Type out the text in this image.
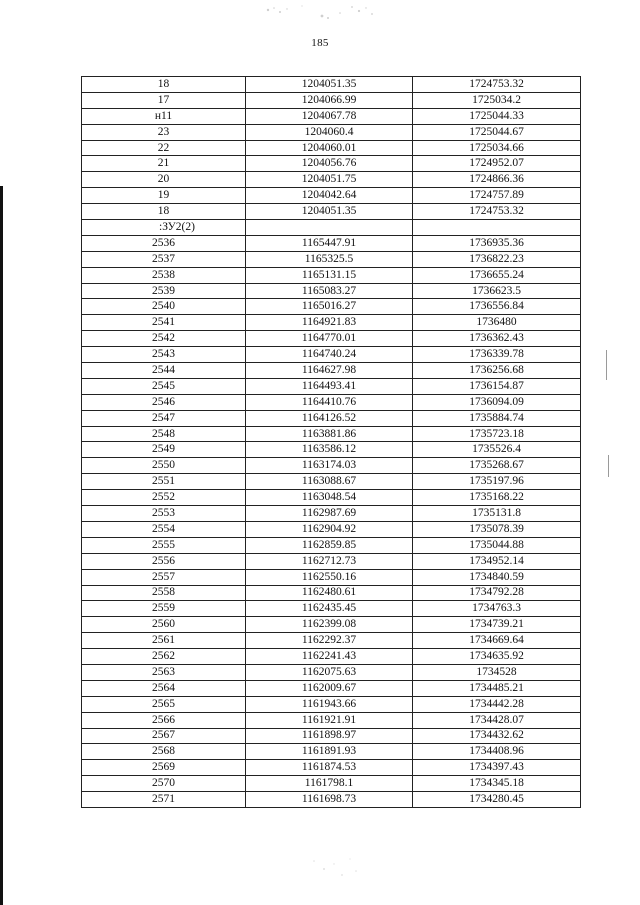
185
18	1204051.35	1724753.32
17	1204066.99	1725034.2
н11	1204067.78	1725044.33
23	1204060.4	1725044.67
22	1204060.01	1725034.66
21	1204056.76	1724952.07
20	1204051.75	1724866.36
19	1204042.64	1724757.89
18	1204051.35	1724753.32
:ЗУ2(2)		
2536	1165447.91	1736935.36
2537	1165325.5	1736822.23
2538	1165131.15	1736655.24
2539	1165083.27	1736623.5
2540	1165016.27	1736556.84
2541	1164921.83	1736480
2542	1164770.01	1736362.43
2543	1164740.24	1736339.78
2544	1164627.98	1736256.68
2545	1164493.41	1736154.87
2546	1164410.76	1736094.09
2547	1164126.52	1735884.74
2548	1163881.86	1735723.18
2549	1163586.12	1735526.4
2550	1163174.03	1735268.67
2551	1163088.67	1735197.96
2552	1163048.54	1735168.22
2553	1162987.69	1735131.8
2554	1162904.92	1735078.39
2555	1162859.85	1735044.88
2556	1162712.73	1734952.14
2557	1162550.16	1734840.59
2558	1162480.61	1734792.28
2559	1162435.45	1734763.3
2560	1162399.08	1734739.21
2561	1162292.37	1734669.64
2562	1162241.43	1734635.92
2563	1162075.63	1734528
2564	1162009.67	1734485.21
2565	1161943.66	1734442.28
2566	1161921.91	1734428.07
2567	1161898.97	1734432.62
2568	1161891.93	1734408.96
2569	1161874.53	1734397.43
2570	1161798.1	1734345.18
2571	1161698.73	1734280.45
